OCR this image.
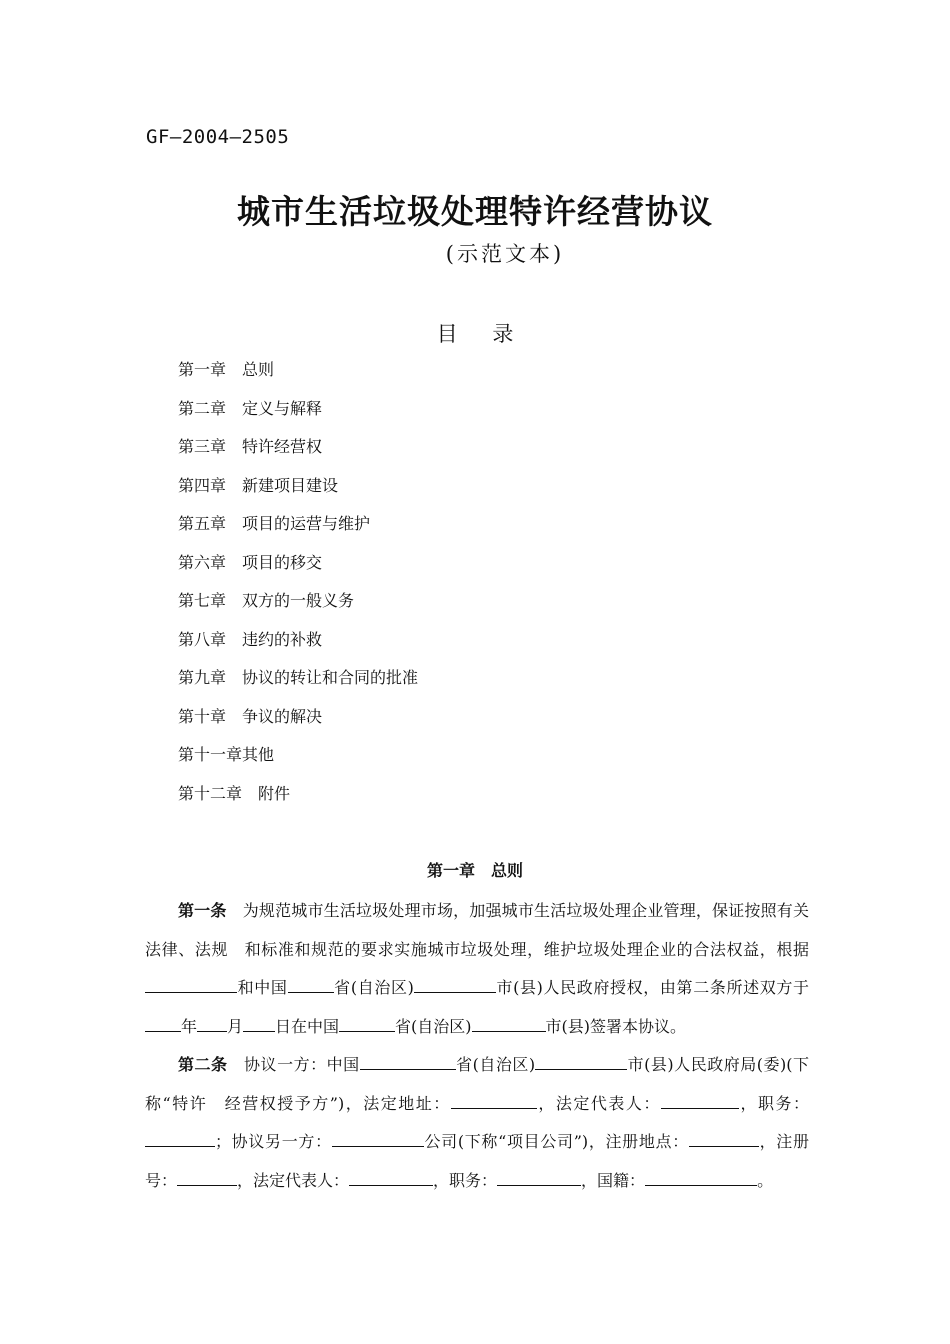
GF—2004—2505
城市生活垃圾处理特许经营协议
(示范文本)
目 录
第一章　总则
第二章　定义与解释
第三章　特许经营权
第四章　新建项目建设
第五章　项目的运营与维护
第六章　项目的移交
第七章　双方的一般义务
第八章　违约的补救
第九章　协议的转让和合同的批准
第十章　争议的解决
第十一章其他
第十二章　附件
第一章　总则

第一条　 为规范城市生活垃圾处理市场，加强城市生活垃圾处理企业管理，保证按照有关法律、法规　和标准和规范的要求实施城市垃圾处理，维护垃圾处理企业的合法权益，根据和中国	省(自治区)	市(县)人民政府授权，由第二条所述双方于年 月 日在中国	省(自治区)	市(县)签署本协议。

第二条　 协议一方：中国	省(自治区)	市(县)人民政府局(委)(下称“特许　经营权授予方”)，法定地址：	，法定代表人：	，职务：；协议另一方：	公司(下称“项目公司”)，注册地点：	，注册号：	，法定代表人：	，职务：	，国籍：	。
